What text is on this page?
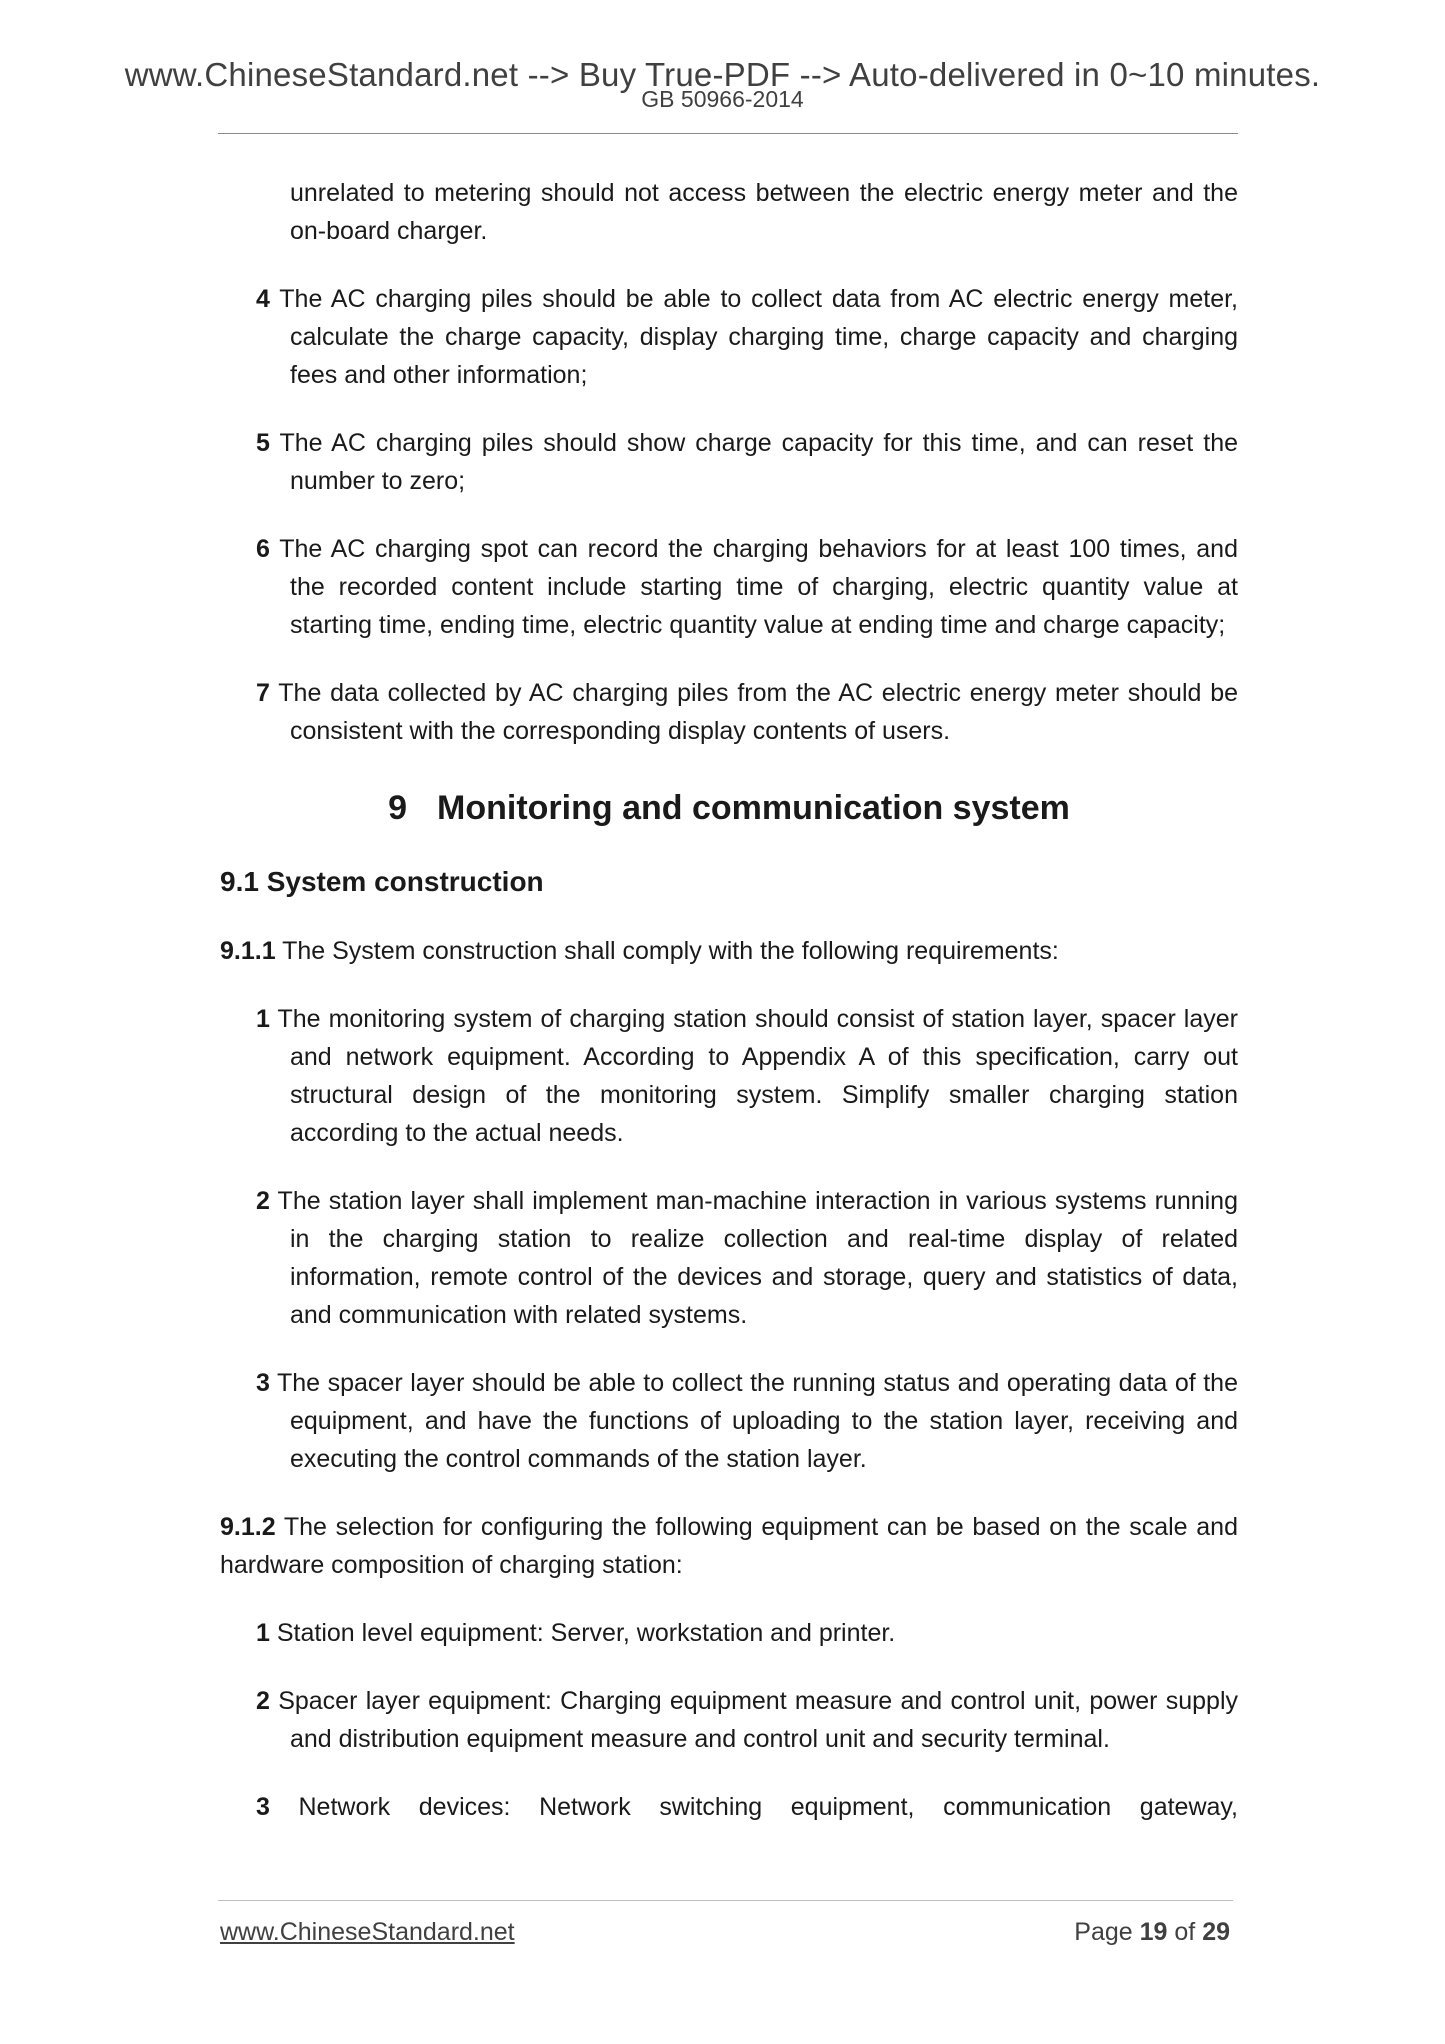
www.ChineseStandard.net --> Buy True-PDF --> Auto-delivered in 0~10 minutes.
GB 50966-2014

unrelated to metering should not access between the electric energy meter and the on-board charger.

4 The AC charging piles should be able to collect data from AC electric energy meter, calculate the charge capacity, display charging time, charge capacity and charging fees and other information;
5 The AC charging piles should show charge capacity for this time, and can reset the number to zero;
6 The AC charging spot can record the charging behaviors for at least 100 times, and the recorded content include starting time of charging, electric quantity value at starting time, ending time, electric quantity value at ending time and charge capacity;
7 The data collected by AC charging piles from the AC electric energy meter should be consistent with the corresponding display contents of users.
9 Monitoring and communication system
9.1 System construction

9.1.1 The System construction shall comply with the following requirements:

1 The monitoring system of charging station should consist of station layer, spacer layer and network equipment. According to Appendix A of this specification, carry out structural design of the monitoring system. Simplify smaller charging station according to the actual needs.
2 The station layer shall implement man-machine interaction in various systems running in the charging station to realize collection and real-time display of related information, remote control of the devices and storage, query and statistics of data, and communication with related systems.
3 The spacer layer should be able to collect the running status and operating data of the equipment, and have the functions of uploading to the station layer, receiving and executing the control commands of the station layer.

9.1.2 The selection for configuring the following equipment can be based on the scale and hardware composition of charging station:

1 Station level equipment: Server, workstation and printer.
2 Spacer layer equipment: Charging equipment measure and control unit, power supply and distribution equipment measure and control unit and security terminal.
3 Network devices: Network switching equipment, communication gateway,
www.ChineseStandard.net	Page 19 of 29
